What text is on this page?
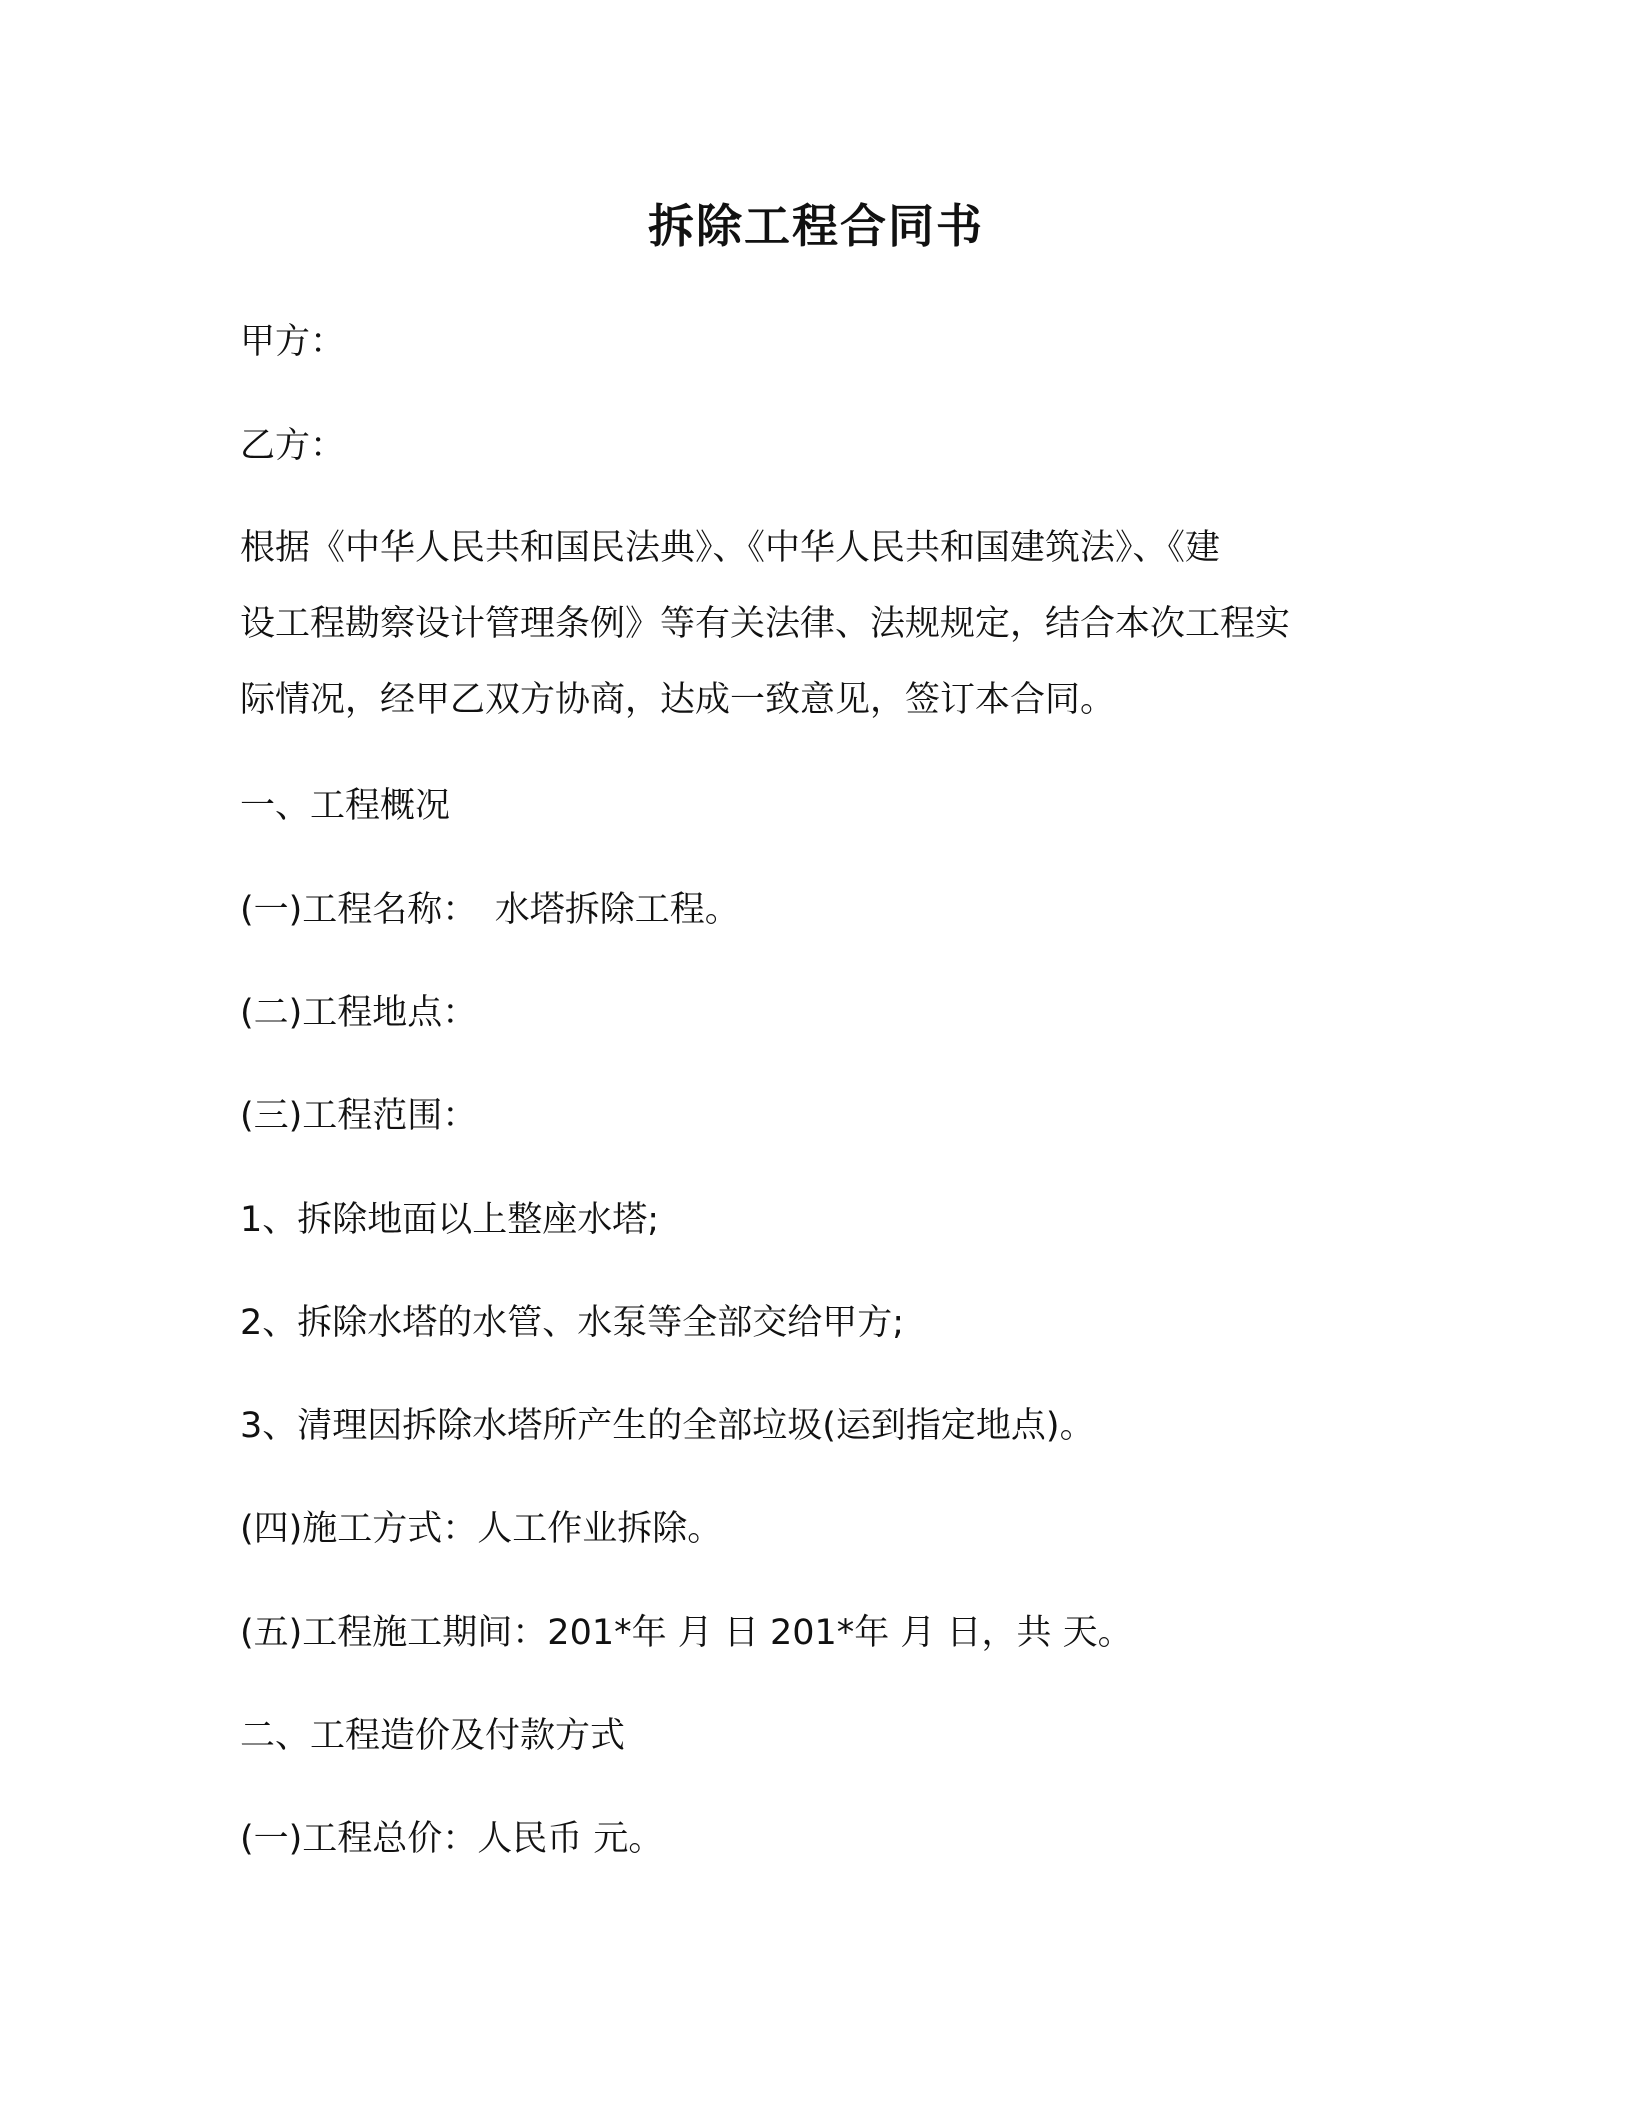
拆除工程合同书
甲方：
乙方：
根据《中华人民共和国民法典》、《中华人民共和国建筑法》、《建
设工程勘察设计管理条例》等有关法律、法规规定，结合本次工程实
际情况，经甲乙双方协商，达成一致意见，签订本合同。
一、工程概况
(一)工程名称：　水塔拆除工程。
(二)工程地点：
(三)工程范围：
1、拆除地面以上整座水塔;
2、拆除水塔的水管、水泵等全部交给甲方;
3、清理因拆除水塔所产生的全部垃圾(运到指定地点)。
(四)施工方式：人工作业拆除。
(五)工程施工期间：201*年 月 日 201*年 月 日，共 天。
二、工程造价及付款方式
(一)工程总价：人民币 元。
